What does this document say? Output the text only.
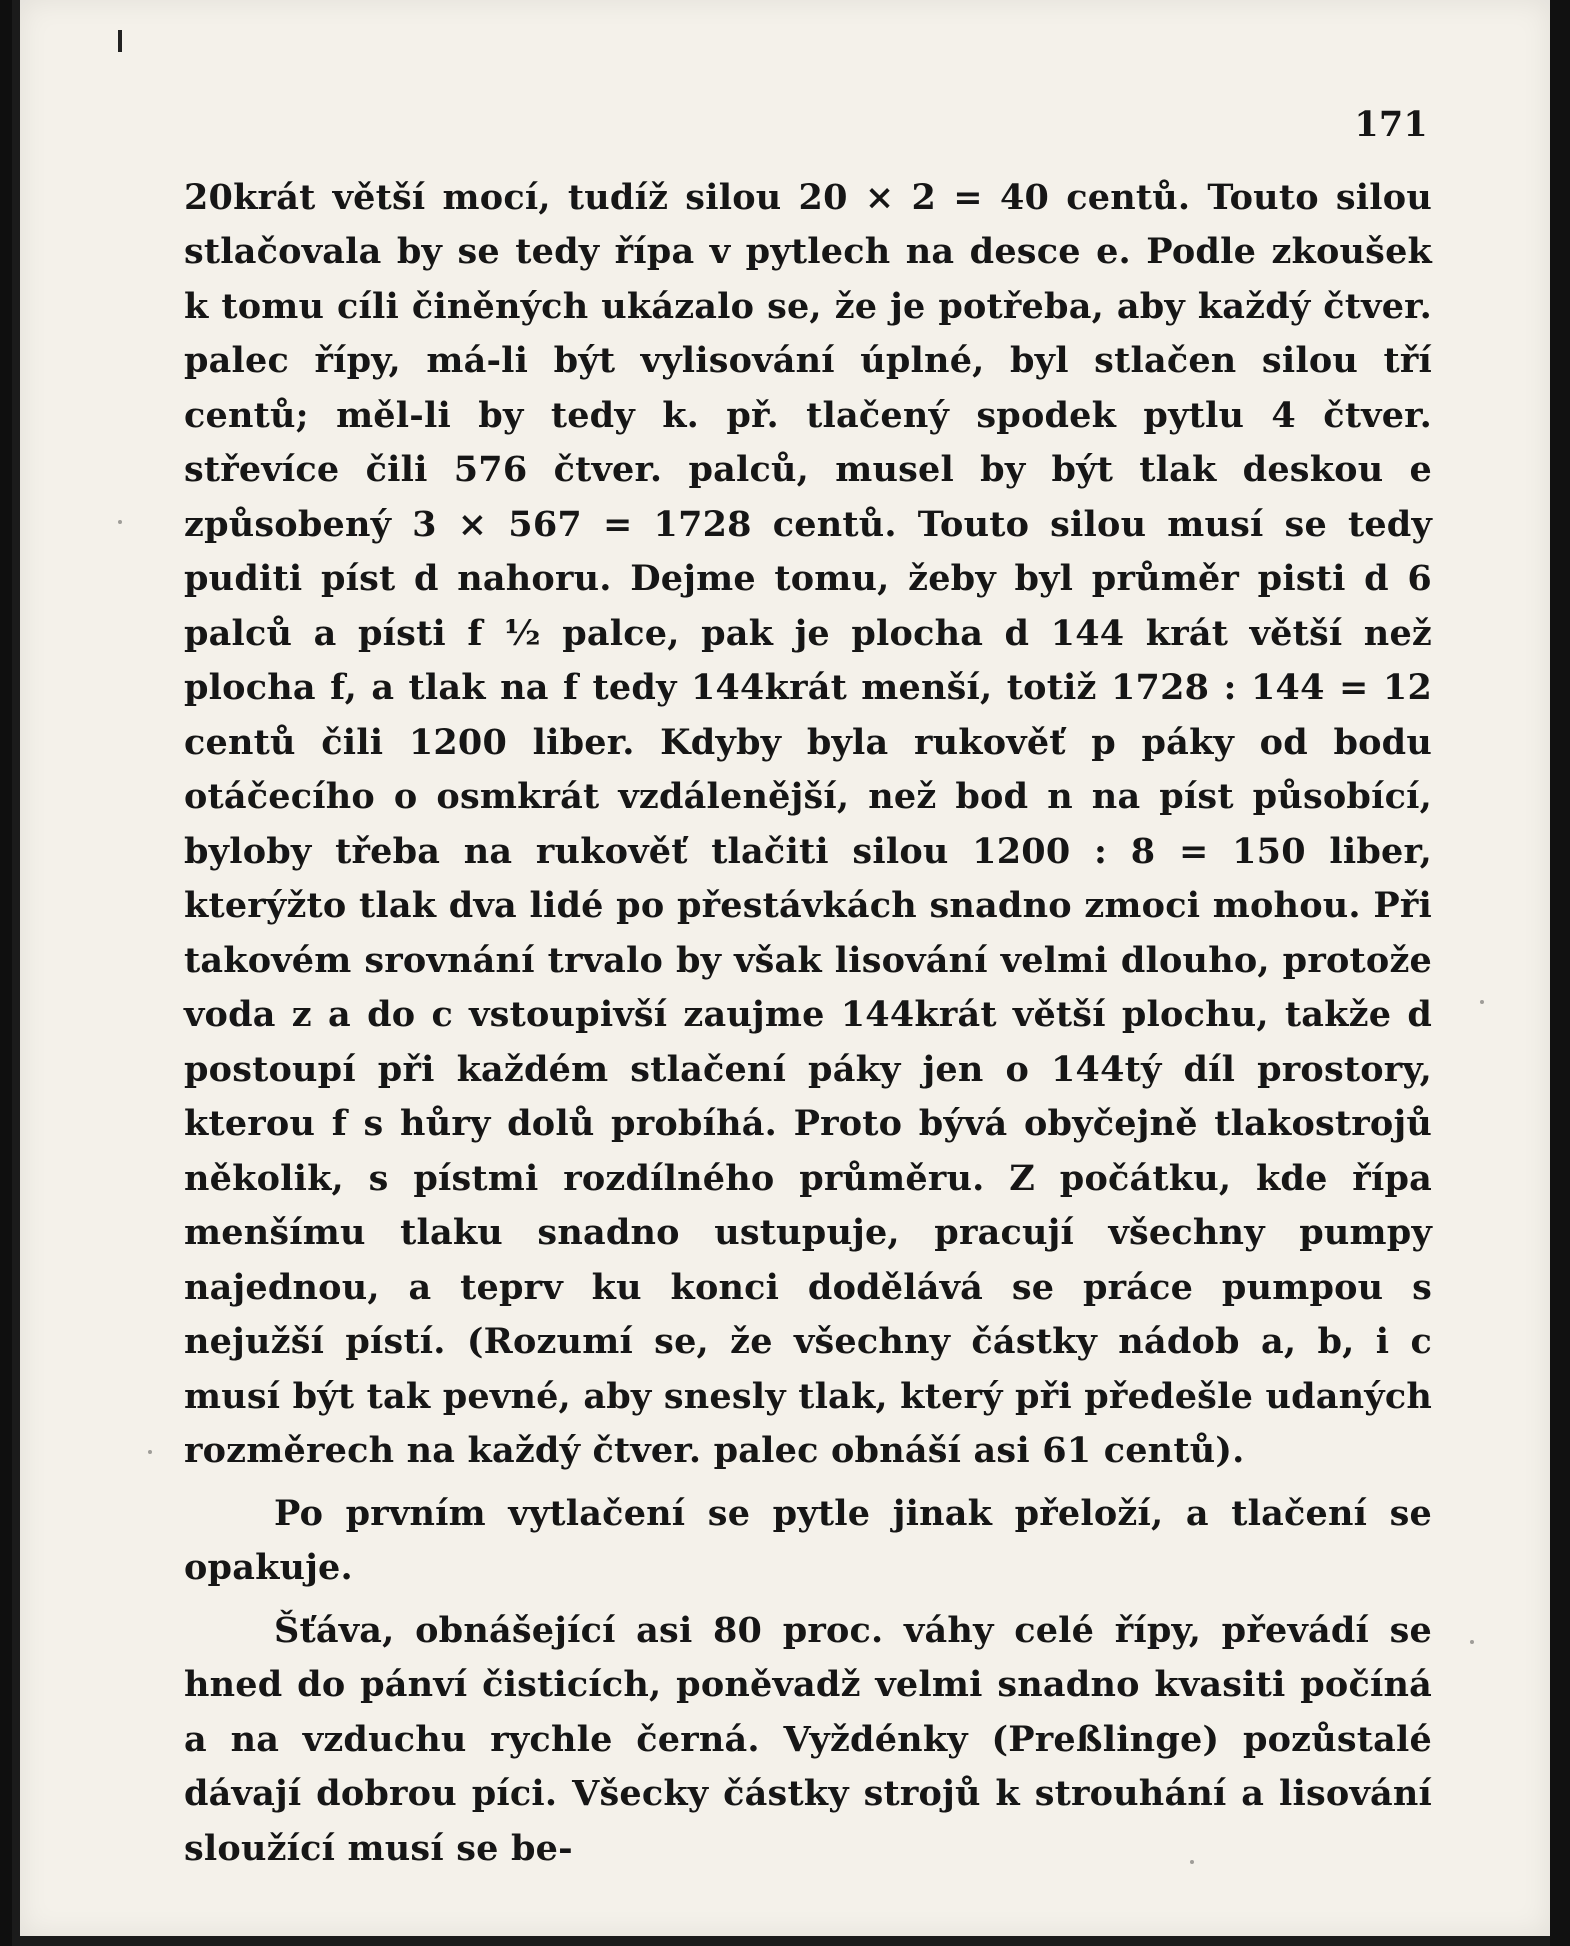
171

20krát větší mocí, tudíž silou 20 × 2 = 40 centů. Touto silou stlačovala by se tedy řípa v pytlech na desce e. Podle zkoušek k tomu cíli činěných ukázalo se, že je potřeba, aby každý čtver. palec řípy, má-li být vylisování úplné, byl stlačen silou tří centů; měl-li by tedy k. př. tlačený spodek pytlu 4 čtver. střevíce čili 576 čtver. palců, musel by být tlak deskou e způsobený 3 × 567 = 1728 centů. Touto silou musí se tedy puditi píst d nahoru. Dejme tomu, žeby byl průměr pisti d 6 palců a písti f ½ palce, pak je plocha d 144 krát větší než plocha f, a tlak na f tedy 144krát menší, totiž 1728 : 144 = 12 centů čili 1200 liber. Kdyby byla rukověť p páky od bodu otáčecího o osmkrát vzdálenější, než bod n na píst působící, byloby třeba na rukověť tlačiti silou 1200 : 8 = 150 liber, kterýžto tlak dva lidé po přestávkách snadno zmoci mohou. Při takovém srovnání trvalo by však lisování velmi dlouho, protože voda z a do c vstoupivší zaujme 144krát větší plochu, takže d postoupí při každém stlačení páky jen o 144tý díl prostory, kterou f s hůry dolů probíhá. Proto bývá obyčejně tlakostrojů několik, s pístmi rozdílného průměru. Z počátku, kde řípa menšímu tlaku snadno ustupuje, pracují všechny pumpy najednou, a teprv ku konci dodělává se práce pumpou s nejužší pístí. (Rozumí se, že všechny částky nádob a, b, i c musí být tak pevné, aby snesly tlak, který při předešle udaných rozměrech na každý čtver. palec obnáší asi 61 centů).

Po prvním vytlačení se pytle jinak přeloží, a tlačení se opakuje.

Šťáva, obnášející asi 80 proc. váhy celé řípy, převádí se hned do pánví čisticích, poněvadž velmi snadno kvasiti počíná a na vzduchu rychle černá. Vyždénky (Preßlinge) pozůstalé dávají dobrou píci. Všecky částky strojů k strouhání a lisování sloužící musí se be-
